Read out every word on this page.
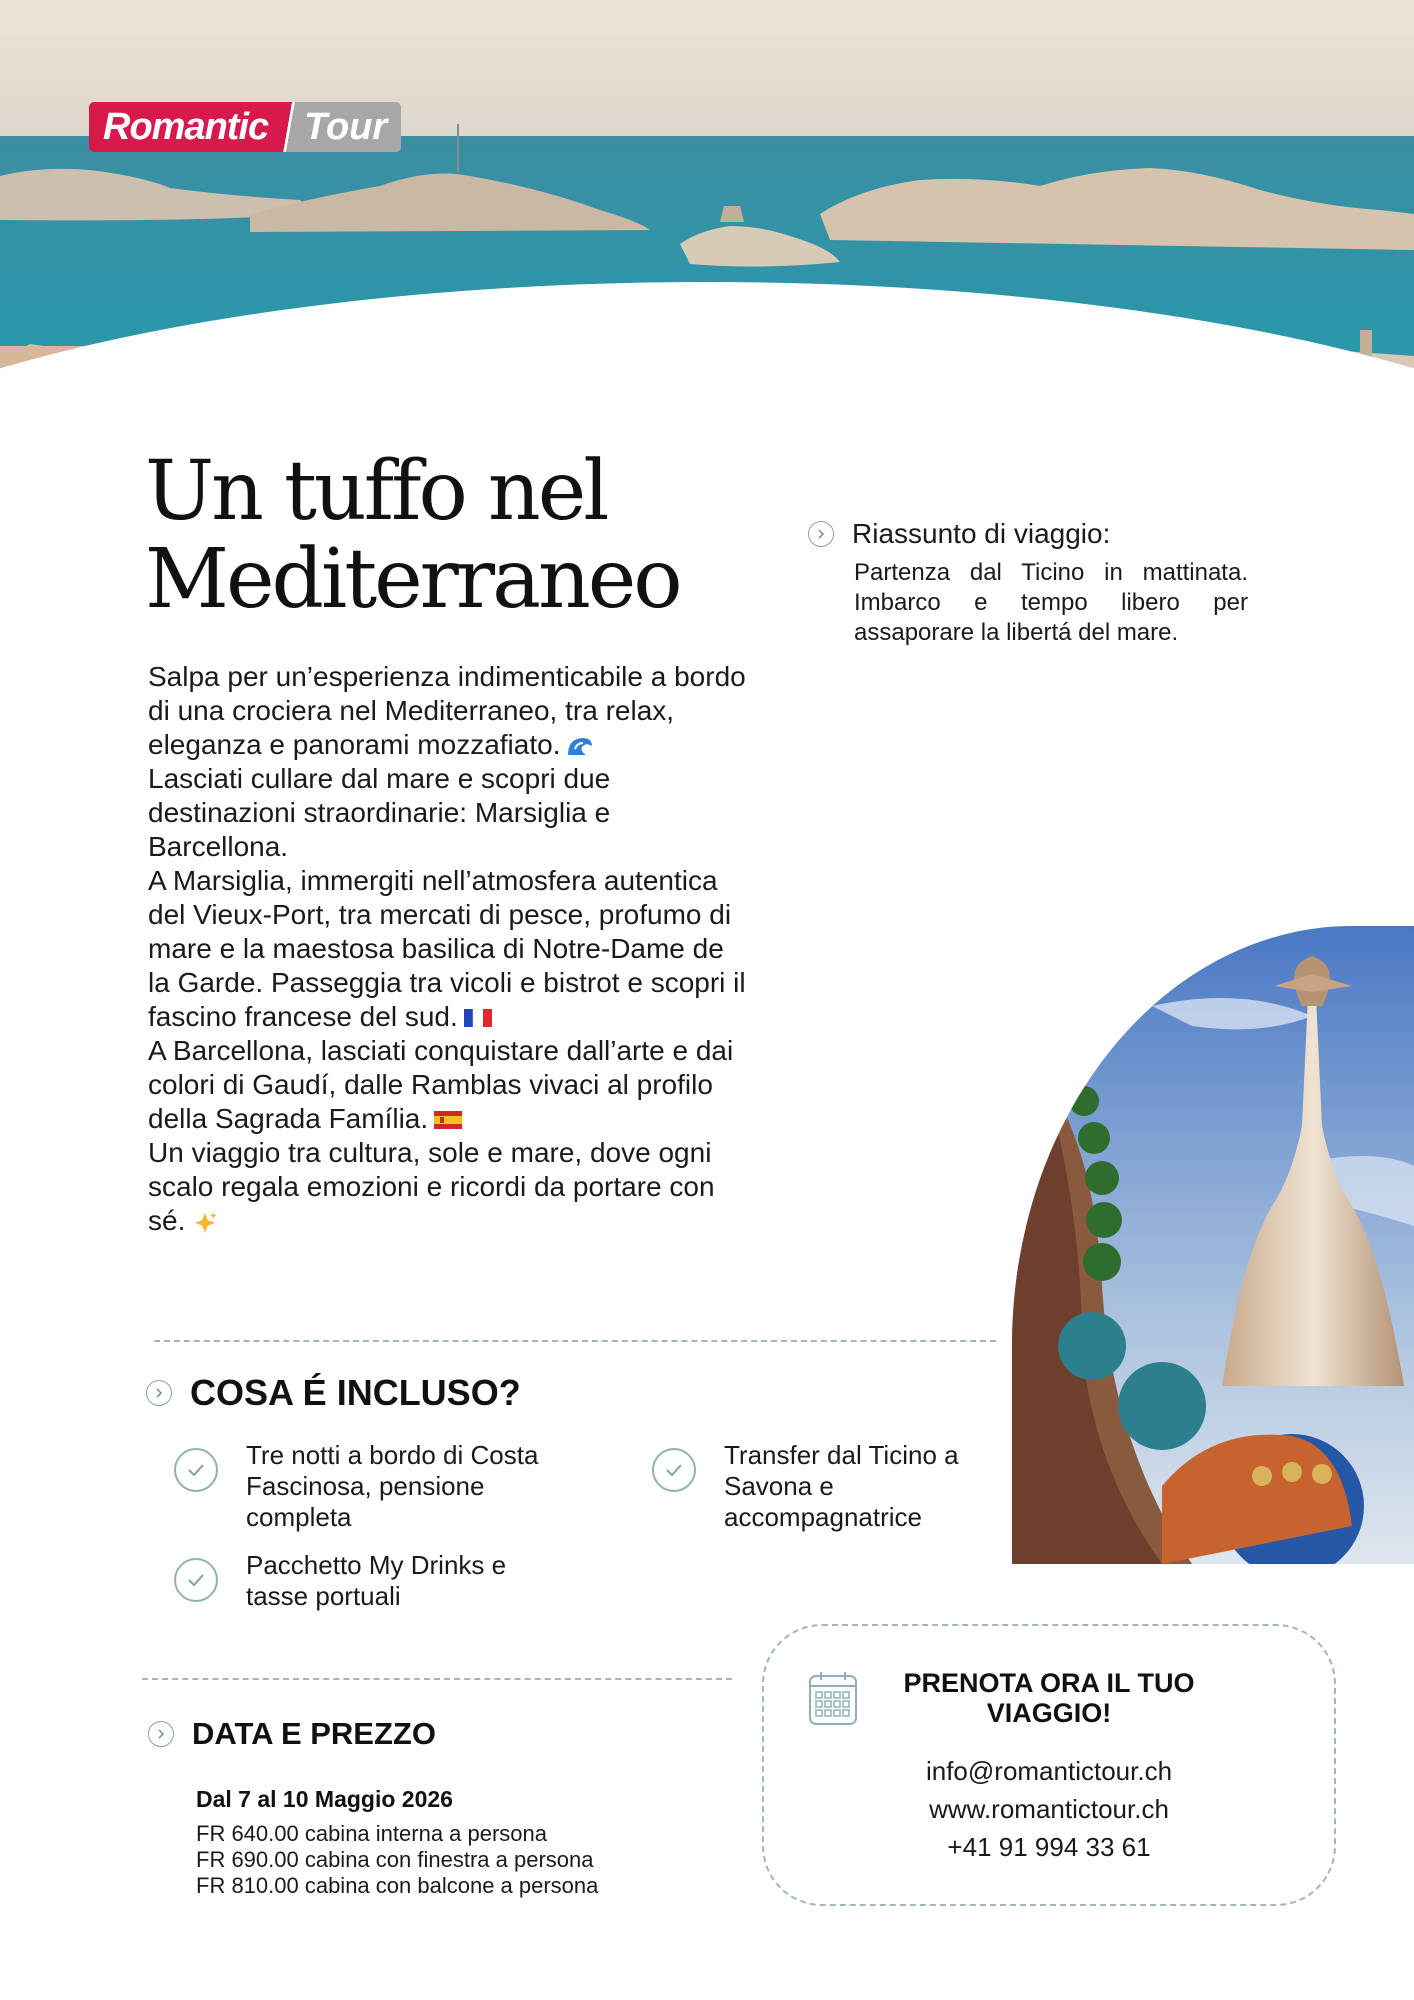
Romantic Tour
Un tuffo nel
Mediterraneo

Salpa per un’esperienza indimenticabile a bordo di una crociera nel Mediterraneo, tra relax, eleganza e panorami mozzafiato.

Lasciati cullare dal mare e scopri due destinazioni straordinarie: Marsiglia e Barcellona.

A Marsiglia, immergiti nell’atmosfera autentica del Vieux-Port, tra mercati di pesce, profumo di mare e la maestosa basilica di Notre-Dame de la Garde. Passeggia tra vicoli e bistrot e scopri il fascino francese del sud.

A Barcellona, lasciati conquistare dall’arte e dai colori di Gaudí, dalle Ramblas vivaci al profilo della Sagrada Família.

Un viaggio tra cultura, sole e mare, dove ogni scalo regala emozioni e ricordi da portare con sé.

Riassunto di viaggio:
Partenza dal Ticino in mattinata. Imbarco e tempo libero per assaporare la libertá del mare.
COSA É INCLUSO?
Tre notti a bordo di Costa Fascinosa, pensione completa
Transfer dal Ticino a Savona e accompagnatrice
Pacchetto My Drinks e tasse portuali
DATA E PREZZO
Dal 7 al 10 Maggio 2026
FR 640.00 cabina interna a persona
FR 690.00 cabina con finestra a persona
FR 810.00 cabina con balcone a persona
PRENOTA ORA IL TUO VIAGGIO!
info@romantictour.ch
www.romantictour.ch
+41 91 994 33 61
